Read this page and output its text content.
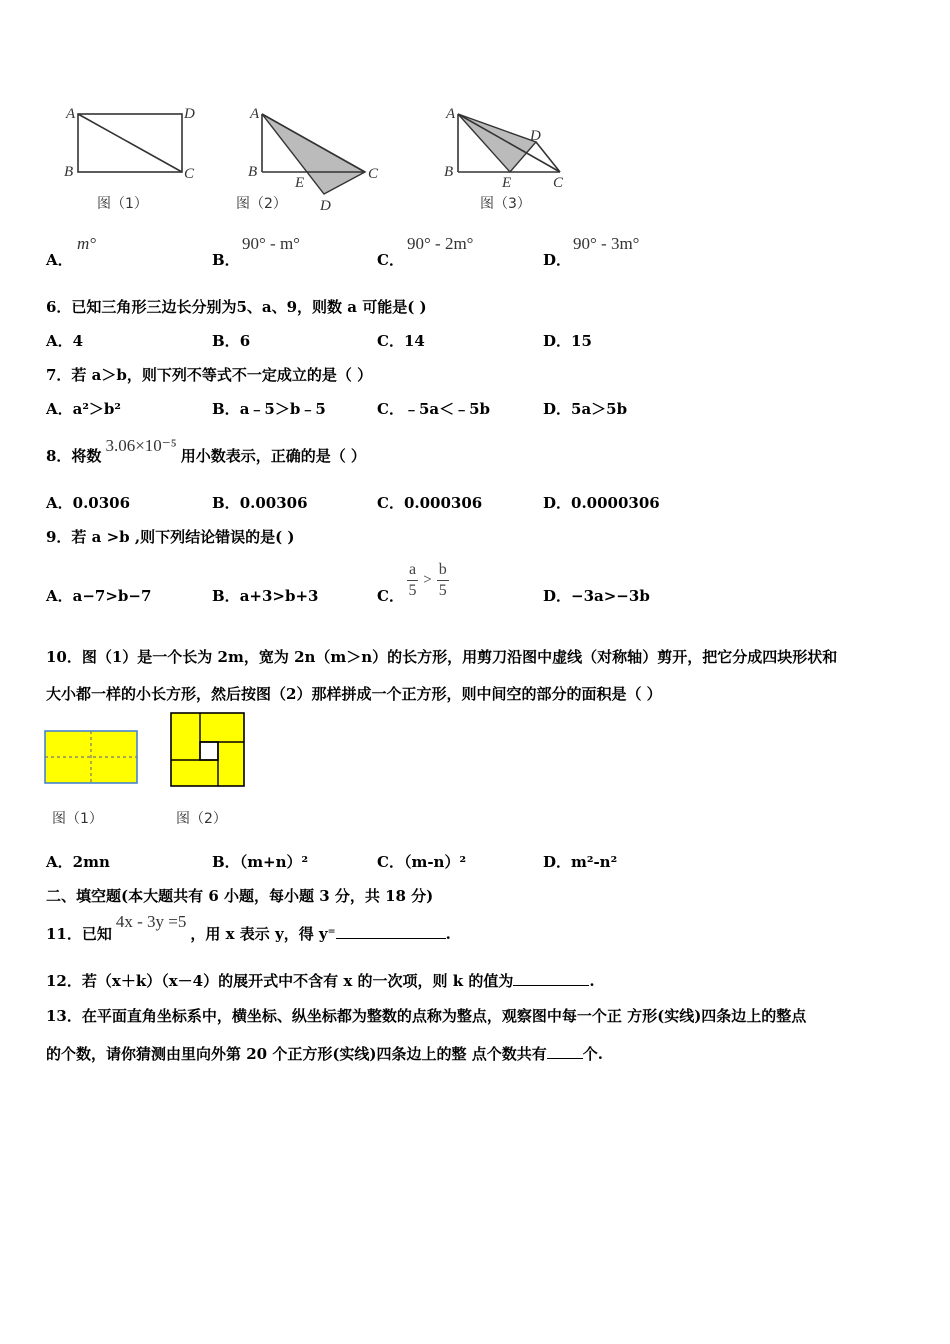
A	D
B	C
A
B	C
E
D
A
B
C
E
D
图（1）	图（2）	图（3）
A．
m°
B．
90° - m°
C．
90° - 2m°
D．
90° - 3m°
6．已知三角形三边长分别为5、a、9，则数 a 可能是( )
A．4	B．6	C．14	D．15
7．若 a＞b，则下列不等式不一定成立的是（ ）
A．a²＞b²	B．a﹣5＞b﹣5	C．﹣5a＜﹣5b	D．5a＞5b
8．将数3.06×10⁻⁵用小数表示，正确的是（ ）
A．0.0306	B．0.00306	C．0.000306	D．0.0000306
9．若 a >b ,则下列结论错误的是( )
A．a−7>b−7	B．a+3>b+3	C． $\frac{a}{5} > \frac{b}{5}$	D．−3a>−3b
10．图（1）是一个长为 2m，宽为 2n（m＞n）的长方形，用剪刀沿图中虚线（对称轴）剪开，把它分成四块形状和
大小都一样的小长方形，然后按图（2）那样拼成一个正方形，则中间空的部分的面积是（ ）
图（1）	图（2）
A．2mn	B．（m+n）²	C．（m-n）²	D．m²-n²
二、填空题(本大题共有 6 小题，每小题 3 分，共 18 分)
11．已知4x - 3y =5，用 x 表示 y，得 y⁼	.
12．若（x＋k）（x－4）的展开式中不含有 x 的一次项，则 k 的值为	.
13．在平面直角坐标系中，横坐标、纵坐标都为整数的点称为整点，观察图中每一个正 方形(实线)四条边上的整点
的个数，请你猜测由里向外第 20 个正方形(实线)四条边上的整 点个数共有 个.
